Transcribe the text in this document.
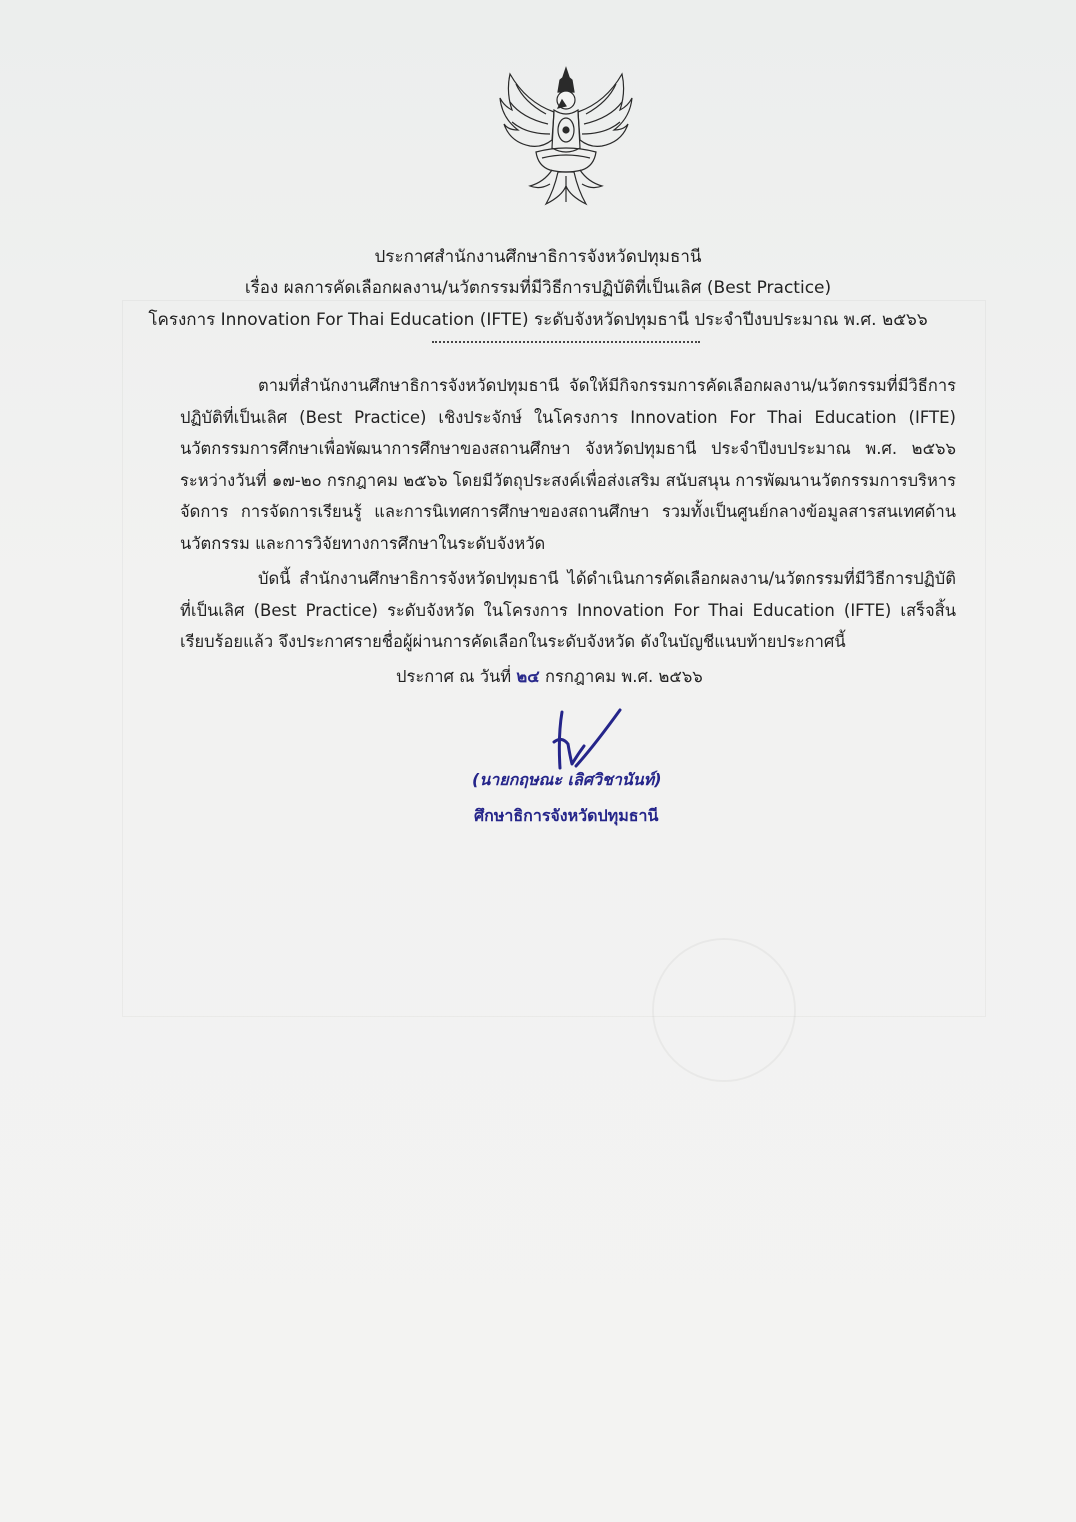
ประกาศสำนักงานศึกษาธิการจังหวัดปทุมธานี
เรื่อง ผลการคัดเลือกผลงาน/นวัตกรรมที่มีวิธีการปฏิบัติที่เป็นเลิศ (Best Practice)
โครงการ Innovation For Thai Education (IFTE) ระดับจังหวัดปทุมธานี ประจำปีงบประมาณ พ.ศ. ๒๕๖๖

ตามที่สำนักงานศึกษาธิการจังหวัดปทุมธานี จัดให้มีกิจกรรมการคัดเลือกผลงาน/นวัตกรรมที่มีวิธีการปฏิบัติที่เป็นเลิศ (Best Practice) เชิงประจักษ์ ในโครงการ Innovation For Thai Education (IFTE) นวัตกรรมการศึกษาเพื่อพัฒนาการศึกษาของสถานศึกษา จังหวัดปทุมธานี ประจำปีงบประมาณ พ.ศ. ๒๕๖๖ ระหว่างวันที่ ๑๗-๒๐ กรกฎาคม ๒๕๖๖ โดยมีวัตถุประสงค์เพื่อส่งเสริม สนับสนุน การพัฒนานวัตกรรมการบริหารจัดการ การจัดการเรียนรู้ และการนิเทศการศึกษาของสถานศึกษา รวมทั้งเป็นศูนย์กลางข้อมูลสารสนเทศด้านนวัตกรรม และการวิจัยทางการศึกษาในระดับจังหวัด

บัดนี้ สำนักงานศึกษาธิการจังหวัดปทุมธานี ได้ดำเนินการคัดเลือกผลงาน/นวัตกรรมที่มีวิธีการปฏิบัติที่เป็นเลิศ (Best Practice) ระดับจังหวัด ในโครงการ Innovation For Thai Education (IFTE) เสร็จสิ้นเรียบร้อยแล้ว จึงประกาศรายชื่อผู้ผ่านการคัดเลือกในระดับจังหวัด ดังในบัญชีแนบท้ายประกาศนี้

ประกาศ ณ วันที่ ๒๔ กรกฎาคม พ.ศ. ๒๕๖๖
(นายกฤษณะ เลิศวิชานันท์)
ศึกษาธิการจังหวัดปทุมธานี
